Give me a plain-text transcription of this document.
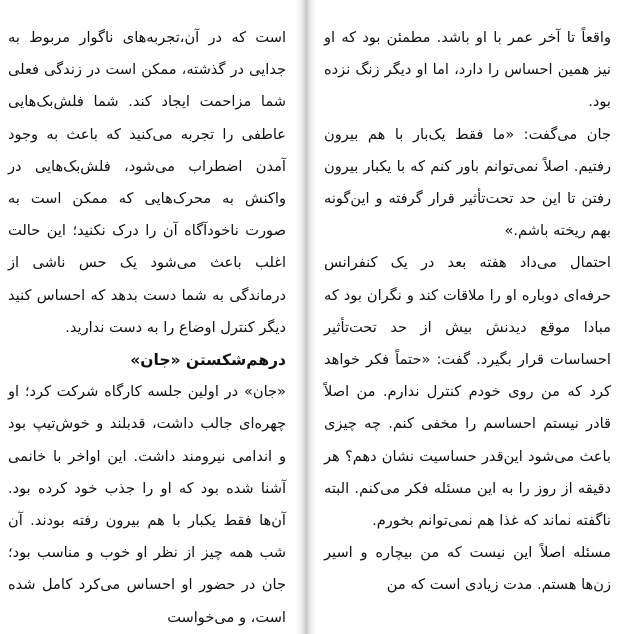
است که در آن،تجربه‌های ناگوار مربوط به جدایی در گذشته، ممکن است در زندگی فعلی شما مزاحمت ایجاد کند. شما فلش‌بک‌هایی عاطفی را تجربه می‌کنید که باعث به وجود آمدن اضطراب می‌شود، فلش‌بک‌هایی در واکنش به محرک‌هایی که ممکن است به صورت ناخودآگاه آن را درک نکنید؛ این حالت اغلب باعث می‌شود یک حس ناشی از درماندگی به شما دست بدهد که احساس کنید دیگر کنترل اوضاع را به دست ندارید.

درهم‌شکستن «جان»

«جان» در اولین جلسه کارگاه شرکت کرد؛ او چهره‌ای جالب داشت، قدبلند و خوش‌تیپ بود و اندامی نیرومند داشت. این اواخر با خانمی آشنا شده بود که او را جذب خود کرده بود. آن‌ها فقط یکبار با هم بیرون رفته بودند. آن شب همه چیز از نظر او خوب و مناسب بود؛ جان در حضور او احساس می‌کرد کامل شده است، و می‌خواست

واقعاً تا آخر عمر با او باشد. مطمئن بود که او نیز همین احساس را دارد، اما او دیگر زنگ نزده بود.

جان می‌گفت: «ما فقط یک‌بار با هم بیرون رفتیم. اصلاً نمی‌توانم باور کنم که با یکبار بیرون رفتن تا این حد تحت‌تأثیر قرار گرفته و این‌گونه بهم ریخته باشم.»

احتمال می‌داد هفته بعد در یک کنفرانس حرفه‌ای دوباره او را ملاقات کند و نگران بود که مبادا موقع دیدنش بیش از حد تحت‌تأثیر احساسات قرار بگیرد. گفت: «حتماً فکر خواهد کرد که من روی خودم کنترل ندارم. من اصلاً قادر نیستم احساسم را مخفی کنم. چه چیزی باعث می‌شود این‌قدر حساسیت نشان دهم؟ هر دقیقه از روز را به این مسئله فکر می‌کنم. البته ناگفته نماند که غذا هم نمی‌توانم بخورم.

مسئله اصلاً این نیست که من بیچاره و اسیر زن‌ها هستم. مدت زیادی است که من
